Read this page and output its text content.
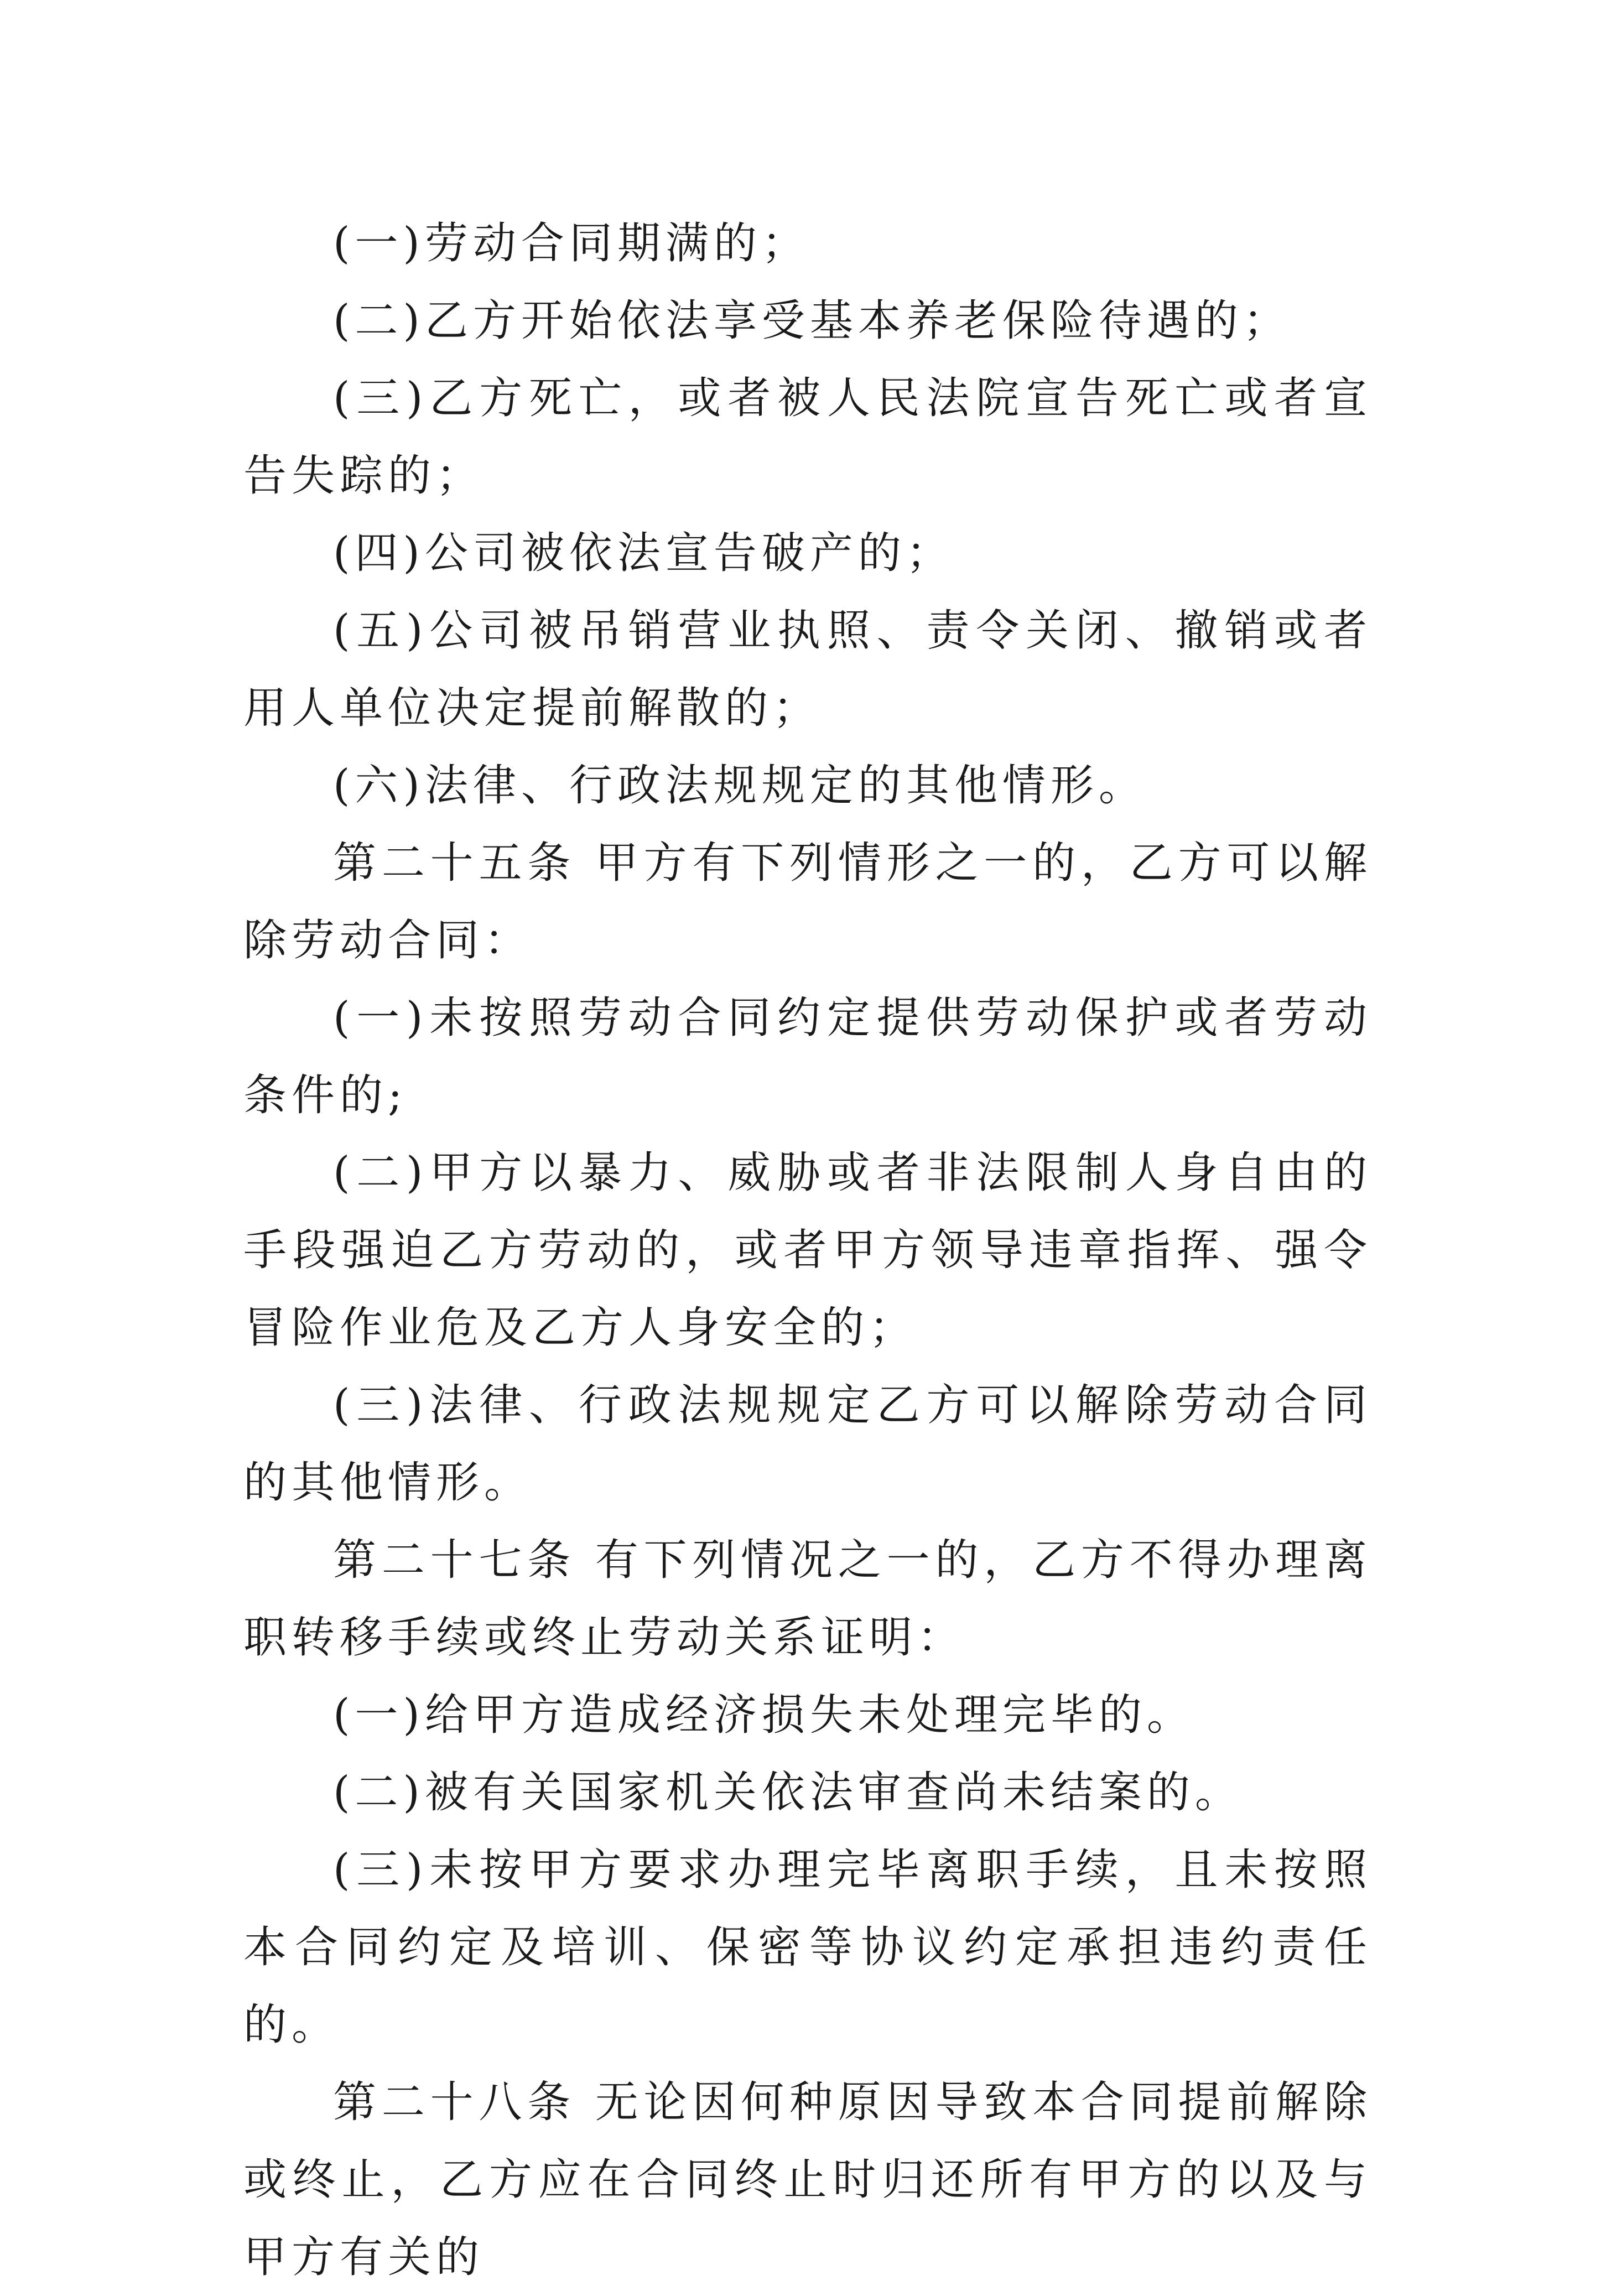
(一)劳动合同期满的；

(二)乙方开始依法享受基本养老保险待遇的；

(三)乙方死亡，或者被人民法院宣告死亡或者宣告失踪的；

(四)公司被依法宣告破产的；

(五)公司被吊销营业执照、责令关闭、撤销或者用人单位决定提前解散的；

(六)法律、行政法规规定的其他情形。

第二十五条 甲方有下列情形之一的，乙方可以解除劳动合同：

(一)未按照劳动合同约定提供劳动保护或者劳动条件的;

(二)甲方以暴力、威胁或者非法限制人身自由的手段强迫乙方劳动的，或者甲方领导违章指挥、强令冒险作业危及乙方人身安全的；

(三)法律、行政法规规定乙方可以解除劳动合同的其他情形。

第二十七条 有下列情况之一的，乙方不得办理离职转移手续或终止劳动关系证明：

(一)给甲方造成经济损失未处理完毕的。

(二)被有关国家机关依法审查尚未结案的。

(三)未按甲方要求办理完毕离职手续，且未按照本合同约定及培训、保密等协议约定承担违约责任的。

第二十八条 无论因何种原因导致本合同提前解除或终止，乙方应在合同终止时归还所有甲方的以及与甲方有关的
